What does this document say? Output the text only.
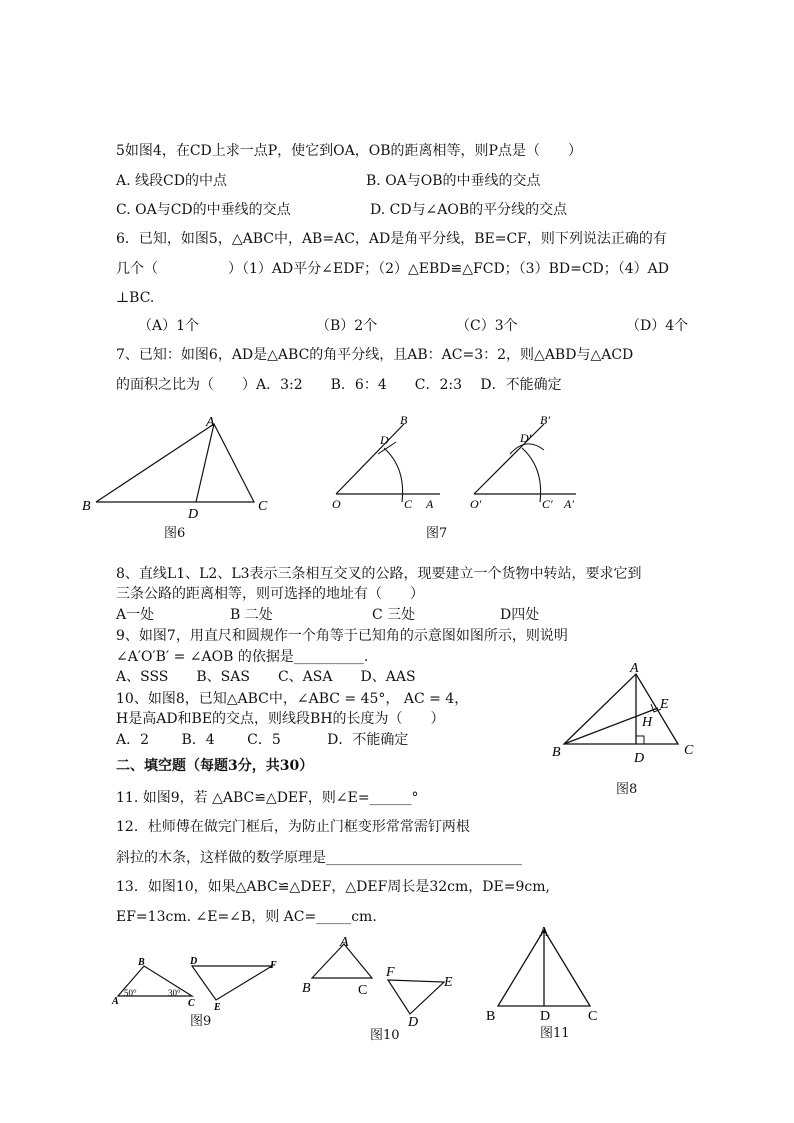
5如图4，在CD上求一点P，使它到OA，OB的距离相等，则P点是（　　）
A. 线段CD的中点	B. OA与OB的中垂线的交点
C. OA与CD的中垂线的交点	D. CD与∠AOB的平分线的交点
6．已知，如图5，△ABC中，AB=AC，AD是角平分线，BE=CF，则下列说法正确的有
几个（　　　　　）（1）AD平分∠EDF；（2）△EBD≌△FCD；（3）BD=CD；（4）AD
⊥BC.
（A）1个	（B）2个	（C）3个	（D）4个
7、已知：如图6，AD是△ABC的角平分线，且AB：AC=3：2，则△ABD与△ACD
的面积之比为（　　）A．3:2　　B．6：4　　C．2:3　 D．不能确定
A
B	C
D
图6
O
B
D
C A	O′
B′
D′
C′ A′
图7
8、直线L1、L2、L3表示三条相互交叉的公路，现要建立一个货物中转站，要求它到
三条公路的距离相等，则可选择的地址有（　　）
A一处	B 二处	C 三处	D四处
9、如图7，用直尺和圆规作一个角等于已知角的示意图如图所示，则说明
∠A′O′B′ = ∠AOB 的依据是__________.
A、SSS　　B、SAS　　C、ASA　　D、AAS
10、如图8，已知△ABC中，∠ABC = 45°， AC = 4，
H是高AD和BE的交点，则线段BH的长度为（　　）
A．2　　 B．4　　 C．5　　　 D．不能确定
A
B	C
D
E
H
图8
二、填空题（每题3分，共30）
11. 如图9，若 △ABC≌△DEF，则∠E=______°
12．杜师傅在做完门框后，为防止门框变形常常需钉两根
斜拉的木条，这样做的数学原理是____________________________
13．如图10，如果△ABC≌△DEF，△DEF周长是32cm，DE=9cm,
EF=13cm. ∠E=∠B，则 AC=_____cm.
B
A	C
50°	30°
D	F
E
图9
A
B	C
F
E
D
图10
A
B	D	C
图11
